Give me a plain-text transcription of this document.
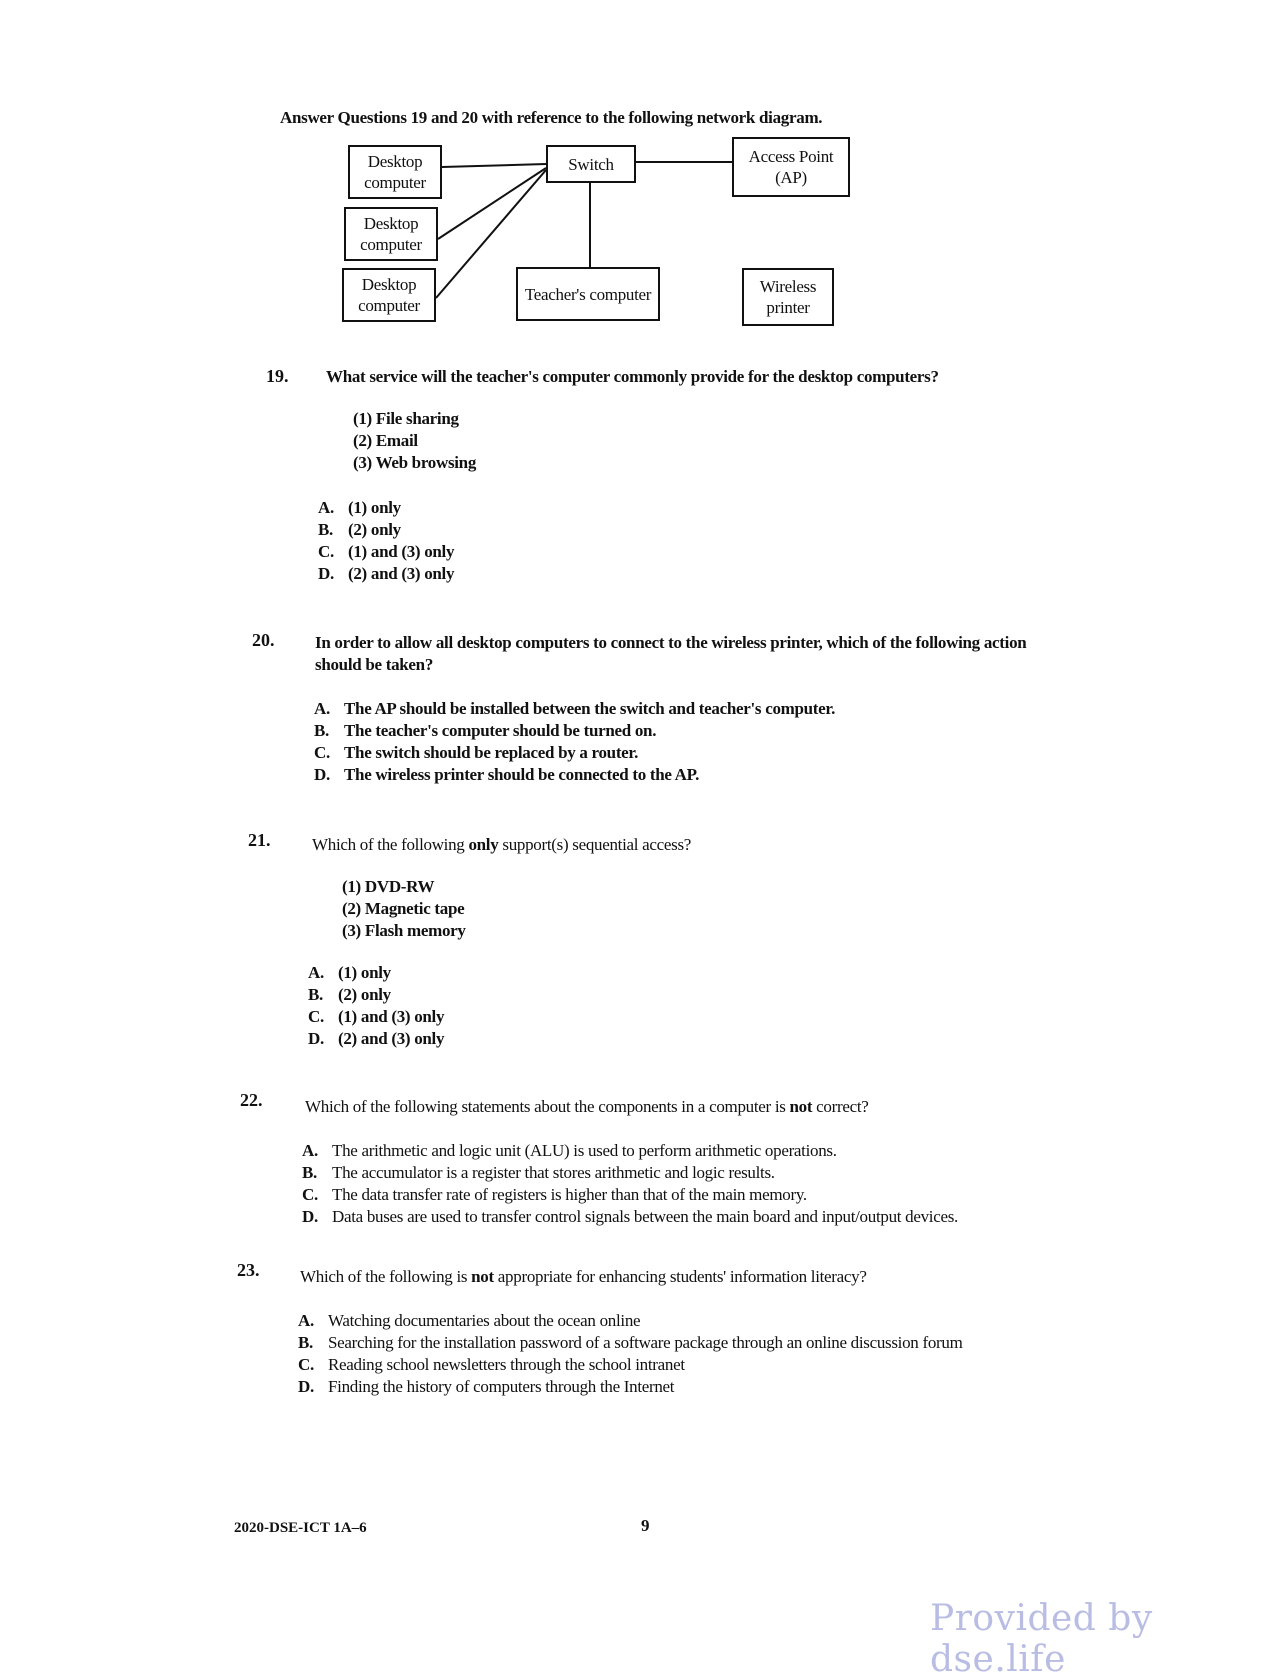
Answer Questions 19 and 20 with reference to the following network diagram.
Desktop computer
Desktop computer
Desktop computer
Switch	Access Point (AP)
Teacher's computer	Wireless printer
19. What service will the teacher's computer commonly provide for the desktop computers?
(1) File sharing
(2) Email
(3) Web browsing
A. (1) only
B. (2) only
C. (1) and (3) only
D. (2) and (3) only
20. In order to allow all desktop computers to connect to the wireless printer, which of the following action
should be taken?
A. The AP should be installed between the switch and teacher's computer.
B. The teacher's computer should be turned on.
C. The switch should be replaced by a router.
D. The wireless printer should be connected to the AP.
21. Which of the following only support(s) sequential access?
(1) DVD-RW
(2) Magnetic tape
(3) Flash memory
A. (1) only
B. (2) only
C. (1) and (3) only
D. (2) and (3) only
22.	Which of the following statements about the components in a computer is not correct?
A. The arithmetic and logic unit (ALU) is used to perform arithmetic operations.
B. The accumulator is a register that stores arithmetic and logic results.
C. The data transfer rate of registers is higher than that of the main memory.
D. Data buses are used to transfer control signals between the main board and input/output devices.
23. Which of the following is not appropriate for enhancing students' information literacy?
A. Watching documentaries about the ocean online
B. Searching for the installation password of a software package through an online discussion forum
C. Reading school newsletters through the school intranet
D. Finding the history of computers through the Internet
2020-DSE-ICT 1A–6	9
Provided by dse.life
